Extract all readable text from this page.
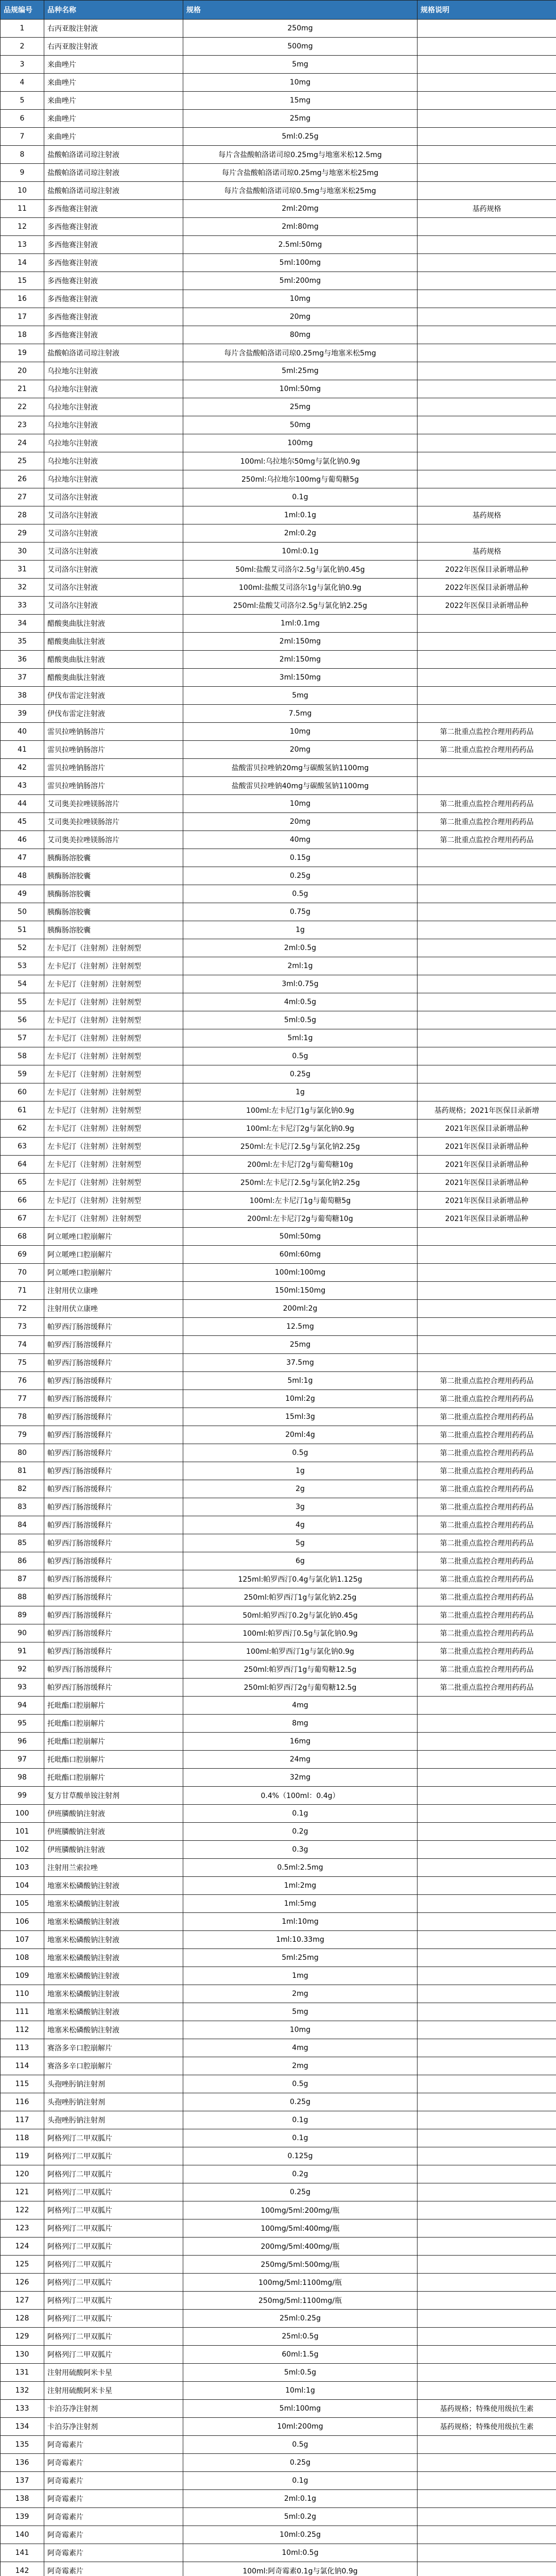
品规编号	品种名称	规格	规格说明
1	右丙亚胺注射液	250mg	
2	右丙亚胺注射液	500mg	
3	来曲唑片	5mg	
4	来曲唑片	10mg	
5	来曲唑片	15mg	
6	来曲唑片	25mg	
7	来曲唑片	5ml:0.25g	
8	盐酸帕洛诺司琼注射液	每片含盐酸帕洛诺司琼0.25mg与地塞米松12.5mg	
9	盐酸帕洛诺司琼注射液	每片含盐酸帕洛诺司琼0.25mg与地塞米松25mg	
10	盐酸帕洛诺司琼注射液	每片含盐酸帕洛诺司琼0.5mg与地塞米松25mg	
11	多西他赛注射液	2ml:20mg	基药规格
12	多西他赛注射液	2ml:80mg	
13	多西他赛注射液	2.5ml:50mg	
14	多西他赛注射液	5ml:100mg	
15	多西他赛注射液	5ml:200mg	
16	多西他赛注射液	10mg	
17	多西他赛注射液	20mg	
18	多西他赛注射液	80mg	
19	盐酸帕洛诺司琼注射液	每片含盐酸帕洛诺司琼0.25mg与地塞米松5mg	
20	乌拉地尔注射液	5ml:25mg	
21	乌拉地尔注射液	10ml:50mg	
22	乌拉地尔注射液	25mg	
23	乌拉地尔注射液	50mg	
24	乌拉地尔注射液	100mg	
25	乌拉地尔注射液	100ml:乌拉地尔50mg与氯化钠0.9g	
26	乌拉地尔注射液	250ml:乌拉地尔100mg与葡萄糖5g	
27	艾司洛尔注射液	0.1g	
28	艾司洛尔注射液	1ml:0.1g	基药规格
29	艾司洛尔注射液	2ml:0.2g	
30	艾司洛尔注射液	10ml:0.1g	基药规格
31	艾司洛尔注射液	50ml:盐酸艾司洛尔2.5g与氯化钠0.45g	2022年医保目录新增品种
32	艾司洛尔注射液	100ml:盐酸艾司洛尔1g与氯化钠0.9g	2022年医保目录新增品种
33	艾司洛尔注射液	250ml:盐酸艾司洛尔2.5g与氯化钠2.25g	2022年医保目录新增品种
34	醋酸奥曲肽注射液	1ml:0.1mg	
35	醋酸奥曲肽注射液	2ml:150mg	
36	醋酸奥曲肽注射液	2ml:150mg	
37	醋酸奥曲肽注射液	3ml:150mg	
38	伊伐布雷定注射液	5mg	
39	伊伐布雷定注射液	7.5mg	
40	雷贝拉唑钠肠溶片	10mg	第二批重点监控合理用药药品
41	雷贝拉唑钠肠溶片	20mg	第二批重点监控合理用药药品
42	雷贝拉唑钠肠溶片	盐酸雷贝拉唑钠20mg与碳酸氢钠1100mg	
43	雷贝拉唑钠肠溶片	盐酸雷贝拉唑钠40mg与碳酸氢钠1100mg	
44	艾司奥美拉唑镁肠溶片	10mg	第二批重点监控合理用药药品
45	艾司奥美拉唑镁肠溶片	20mg	第二批重点监控合理用药药品
46	艾司奥美拉唑镁肠溶片	40mg	第二批重点监控合理用药药品
47	胰酶肠溶胶囊	0.15g	
48	胰酶肠溶胶囊	0.25g	
49	胰酶肠溶胶囊	0.5g	
50	胰酶肠溶胶囊	0.75g	
51	胰酶肠溶胶囊	1g	
52	左卡尼汀（注射剂）注射剂型	2ml:0.5g	
53	左卡尼汀（注射剂）注射剂型	2ml:1g	
54	左卡尼汀（注射剂）注射剂型	3ml:0.75g	
55	左卡尼汀（注射剂）注射剂型	4ml:0.5g	
56	左卡尼汀（注射剂）注射剂型	5ml:0.5g	
57	左卡尼汀（注射剂）注射剂型	5ml:1g	
58	左卡尼汀（注射剂）注射剂型	0.5g	
59	左卡尼汀（注射剂）注射剂型	0.25g	
60	左卡尼汀（注射剂）注射剂型	1g	
61	左卡尼汀（注射剂）注射剂型	100ml:左卡尼汀1g与氯化钠0.9g	基药规格；2021年医保目录新增
62	左卡尼汀（注射剂）注射剂型	100ml:左卡尼汀2g与氯化钠0.9g	2021年医保目录新增品种
63	左卡尼汀（注射剂）注射剂型	250ml:左卡尼汀2.5g与氯化钠2.25g	2021年医保目录新增品种
64	左卡尼汀（注射剂）注射剂型	200ml:左卡尼汀2g与葡萄糖10g	2021年医保目录新增品种
65	左卡尼汀（注射剂）注射剂型	250ml:左卡尼汀2.5g与氯化钠2.25g	2021年医保目录新增品种
66	左卡尼汀（注射剂）注射剂型	100ml:左卡尼汀1g与葡萄糖5g	2021年医保目录新增品种
67	左卡尼汀（注射剂）注射剂型	200ml:左卡尼汀2g与葡萄糖10g	2021年医保目录新增品种
68	阿立哌唑口腔崩解片	50ml:50mg	
69	阿立哌唑口腔崩解片	60ml:60mg	
70	阿立哌唑口腔崩解片	100ml:100mg	
71	注射用伏立康唑	150ml:150mg	
72	注射用伏立康唑	200ml:2g	
73	帕罗西汀肠溶缓释片	12.5mg	
74	帕罗西汀肠溶缓释片	25mg	
75	帕罗西汀肠溶缓释片	37.5mg	
76	帕罗西汀肠溶缓释片	5ml:1g	第二批重点监控合理用药药品
77	帕罗西汀肠溶缓释片	10ml:2g	第二批重点监控合理用药药品
78	帕罗西汀肠溶缓释片	15ml:3g	第二批重点监控合理用药药品
79	帕罗西汀肠溶缓释片	20ml:4g	第二批重点监控合理用药药品
80	帕罗西汀肠溶缓释片	0.5g	第二批重点监控合理用药药品
81	帕罗西汀肠溶缓释片	1g	第二批重点监控合理用药药品
82	帕罗西汀肠溶缓释片	2g	第二批重点监控合理用药药品
83	帕罗西汀肠溶缓释片	3g	第二批重点监控合理用药药品
84	帕罗西汀肠溶缓释片	4g	第二批重点监控合理用药药品
85	帕罗西汀肠溶缓释片	5g	第二批重点监控合理用药药品
86	帕罗西汀肠溶缓释片	6g	第二批重点监控合理用药药品
87	帕罗西汀肠溶缓释片	125ml:帕罗西汀0.4g与氯化钠1.125g	第二批重点监控合理用药药品
88	帕罗西汀肠溶缓释片	250ml:帕罗西汀1g与氯化钠2.25g	第二批重点监控合理用药药品
89	帕罗西汀肠溶缓释片	50ml:帕罗西汀0.2g与氯化钠0.45g	第二批重点监控合理用药药品
90	帕罗西汀肠溶缓释片	100ml:帕罗西汀0.5g与氯化钠0.9g	第二批重点监控合理用药药品
91	帕罗西汀肠溶缓释片	100ml:帕罗西汀1g与氯化钠0.9g	第二批重点监控合理用药药品
92	帕罗西汀肠溶缓释片	250ml:帕罗西汀1g与葡萄糖12.5g	第二批重点监控合理用药药品
93	帕罗西汀肠溶缓释片	250ml:帕罗西汀2g与葡萄糖12.5g	第二批重点监控合理用药药品
94	托吡酯口腔崩解片	4mg	
95	托吡酯口腔崩解片	8mg	
96	托吡酯口腔崩解片	16mg	
97	托吡酯口腔崩解片	24mg	
98	托吡酯口腔崩解片	32mg	
99	复方甘草酸单铵注射剂	0.4%（100ml：0.4g）	
100	伊班膦酸钠注射液	0.1g	
101	伊班膦酸钠注射液	0.2g	
102	伊班膦酸钠注射液	0.3g	
103	注射用兰索拉唑	0.5ml:2.5mg	
104	地塞米松磷酸钠注射液	1ml:2mg	
105	地塞米松磷酸钠注射液	1ml:5mg	
106	地塞米松磷酸钠注射液	1ml:10mg	
107	地塞米松磷酸钠注射液	1ml:10.33mg	
108	地塞米松磷酸钠注射液	5ml:25mg	
109	地塞米松磷酸钠注射液	1mg	
110	地塞米松磷酸钠注射液	2mg	
111	地塞米松磷酸钠注射液	5mg	
112	地塞米松磷酸钠注射液	10mg	
113	赛洛多辛口腔崩解片	4mg	
114	赛洛多辛口腔崩解片	2mg	
115	头孢唑肟钠注射剂	0.5g	
116	头孢唑肟钠注射剂	0.25g	
117	头孢唑肟钠注射剂	0.1g	
118	阿格列汀二甲双胍片	0.1g	
119	阿格列汀二甲双胍片	0.125g	
120	阿格列汀二甲双胍片	0.2g	
121	阿格列汀二甲双胍片	0.25g	
122	阿格列汀二甲双胍片	100mg/5ml:200mg/瓶	
123	阿格列汀二甲双胍片	100mg/5ml:400mg/瓶	
124	阿格列汀二甲双胍片	200mg/5ml:400mg/瓶	
125	阿格列汀二甲双胍片	250mg/5ml:500mg/瓶	
126	阿格列汀二甲双胍片	100mg/5ml:1100mg/瓶	
127	阿格列汀二甲双胍片	250mg/5ml:1100mg/瓶	
128	阿格列汀二甲双胍片	25ml:0.25g	
129	阿格列汀二甲双胍片	25ml:0.5g	
130	阿格列汀二甲双胍片	60ml:1.5g	
131	注射用硫酸阿米卡星	5ml:0.5g	
132	注射用硫酸阿米卡星	10ml:1g	
133	卡泊芬净注射剂	5ml:100mg	基药规格；特殊使用级抗生素
134	卡泊芬净注射剂	10ml:200mg	基药规格；特殊使用级抗生素
135	阿奇霉素片	0.5g	
136	阿奇霉素片	0.25g	
137	阿奇霉素片	0.1g	
138	阿奇霉素片	2ml:0.1g	
139	阿奇霉素片	5ml:0.2g	
140	阿奇霉素片	10ml:0.25g	
141	阿奇霉素片	10ml:0.5g	
142	阿奇霉素片	100ml:阿奇霉素0.1g与氯化钠0.9g	
